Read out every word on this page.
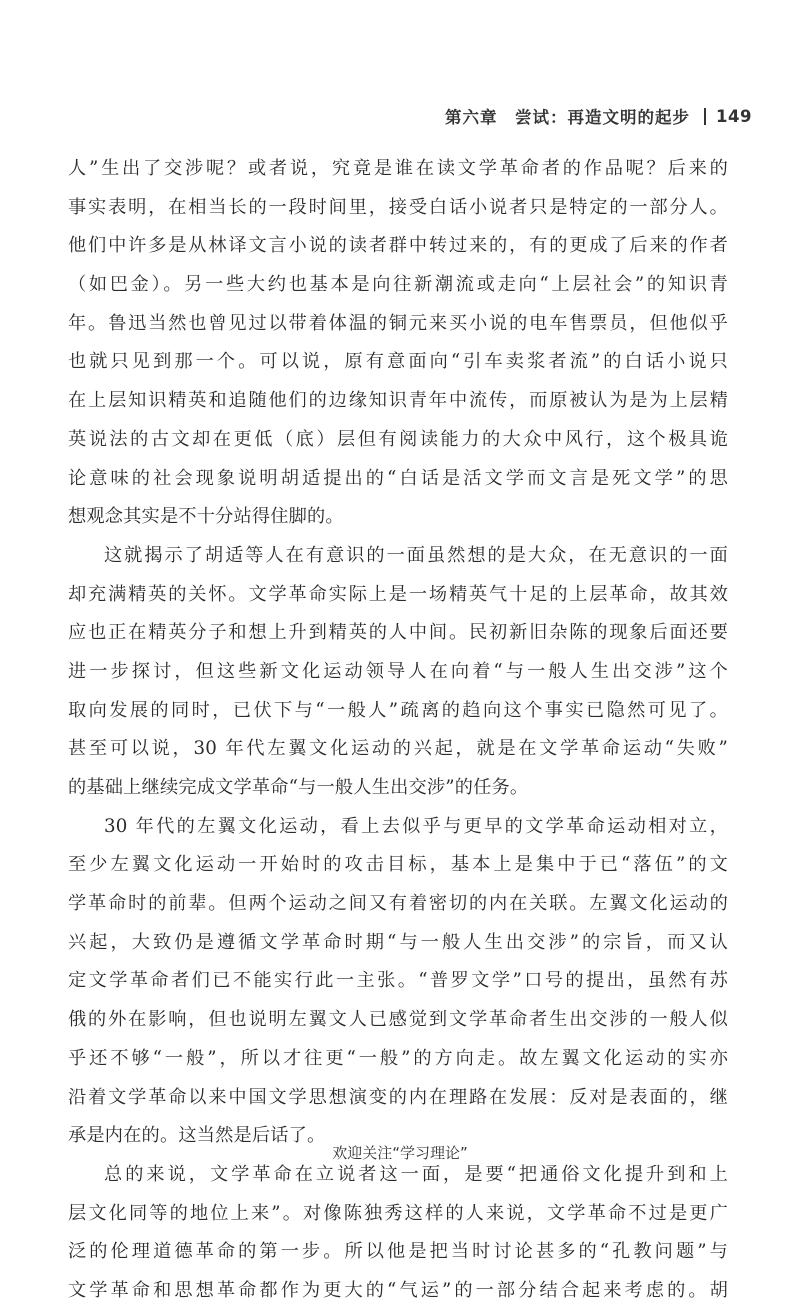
第六章　尝试：再造文明的起步 149
人”生出了交涉呢？或者说，究竟是谁在读文学革命者的作品呢？后来的
事实表明，在相当长的一段时间里，接受白话小说者只是特定的一部分人。
他们中许多是从林译文言小说的读者群中转过来的，有的更成了后来的作者
（如巴金）。另一些大约也基本是向往新潮流或走向“上层社会”的知识青
年。鲁迅当然也曾见过以带着体温的铜元来买小说的电车售票员，但他似乎
也就只见到那一个。可以说，原有意面向“引车卖浆者流”的白话小说只
在上层知识精英和追随他们的边缘知识青年中流传，而原被认为是为上层精
英说法的古文却在更低（底）层但有阅读能力的大众中风行，这个极具诡
论意味的社会现象说明胡适提出的“白话是活文学而文言是死文学”的思
想观念其实是不十分站得住脚的。
这就揭示了胡适等人在有意识的一面虽然想的是大众，在无意识的一面
却充满精英的关怀。文学革命实际上是一场精英气十足的上层革命，故其效
应也正在精英分子和想上升到精英的人中间。民初新旧杂陈的现象后面还要
进一步探讨，但这些新文化运动领导人在向着“与一般人生出交涉”这个
取向发展的同时，已伏下与“一般人”疏离的趋向这个事实已隐然可见了。
甚至可以说，30 年代左翼文化运动的兴起，就是在文学革命运动“失败”
的基础上继续完成文学革命“与一般人生出交涉”的任务。
30 年代的左翼文化运动，看上去似乎与更早的文学革命运动相对立，
至少左翼文化运动一开始时的攻击目标，基本上是集中于已“落伍”的文
学革命时的前辈。但两个运动之间又有着密切的内在关联。左翼文化运动的
兴起，大致仍是遵循文学革命时期“与一般人生出交涉”的宗旨，而又认
定文学革命者们已不能实行此一主张。“普罗文学”口号的提出，虽然有苏
俄的外在影响，但也说明左翼文人已感觉到文学革命者生出交涉的一般人似
乎还不够“一般”，所以才往更“一般”的方向走。故左翼文化运动的实亦
沿着文学革命以来中国文学思想演变的内在理路在发展：反对是表面的，继
承是内在的。这当然是后话了。
总的来说，文学革命在立说者这一面，是要“把通俗文化提升到和上
层文化同等的地位上来”。对像陈独秀这样的人来说，文学革命不过是更广
泛的伦理道德革命的第一步。所以他是把当时讨论甚多的“孔教问题”与
文学革命和思想革命都作为更大的“气运”的一部分结合起来考虑的。胡
欢迎关注“学习理论”
